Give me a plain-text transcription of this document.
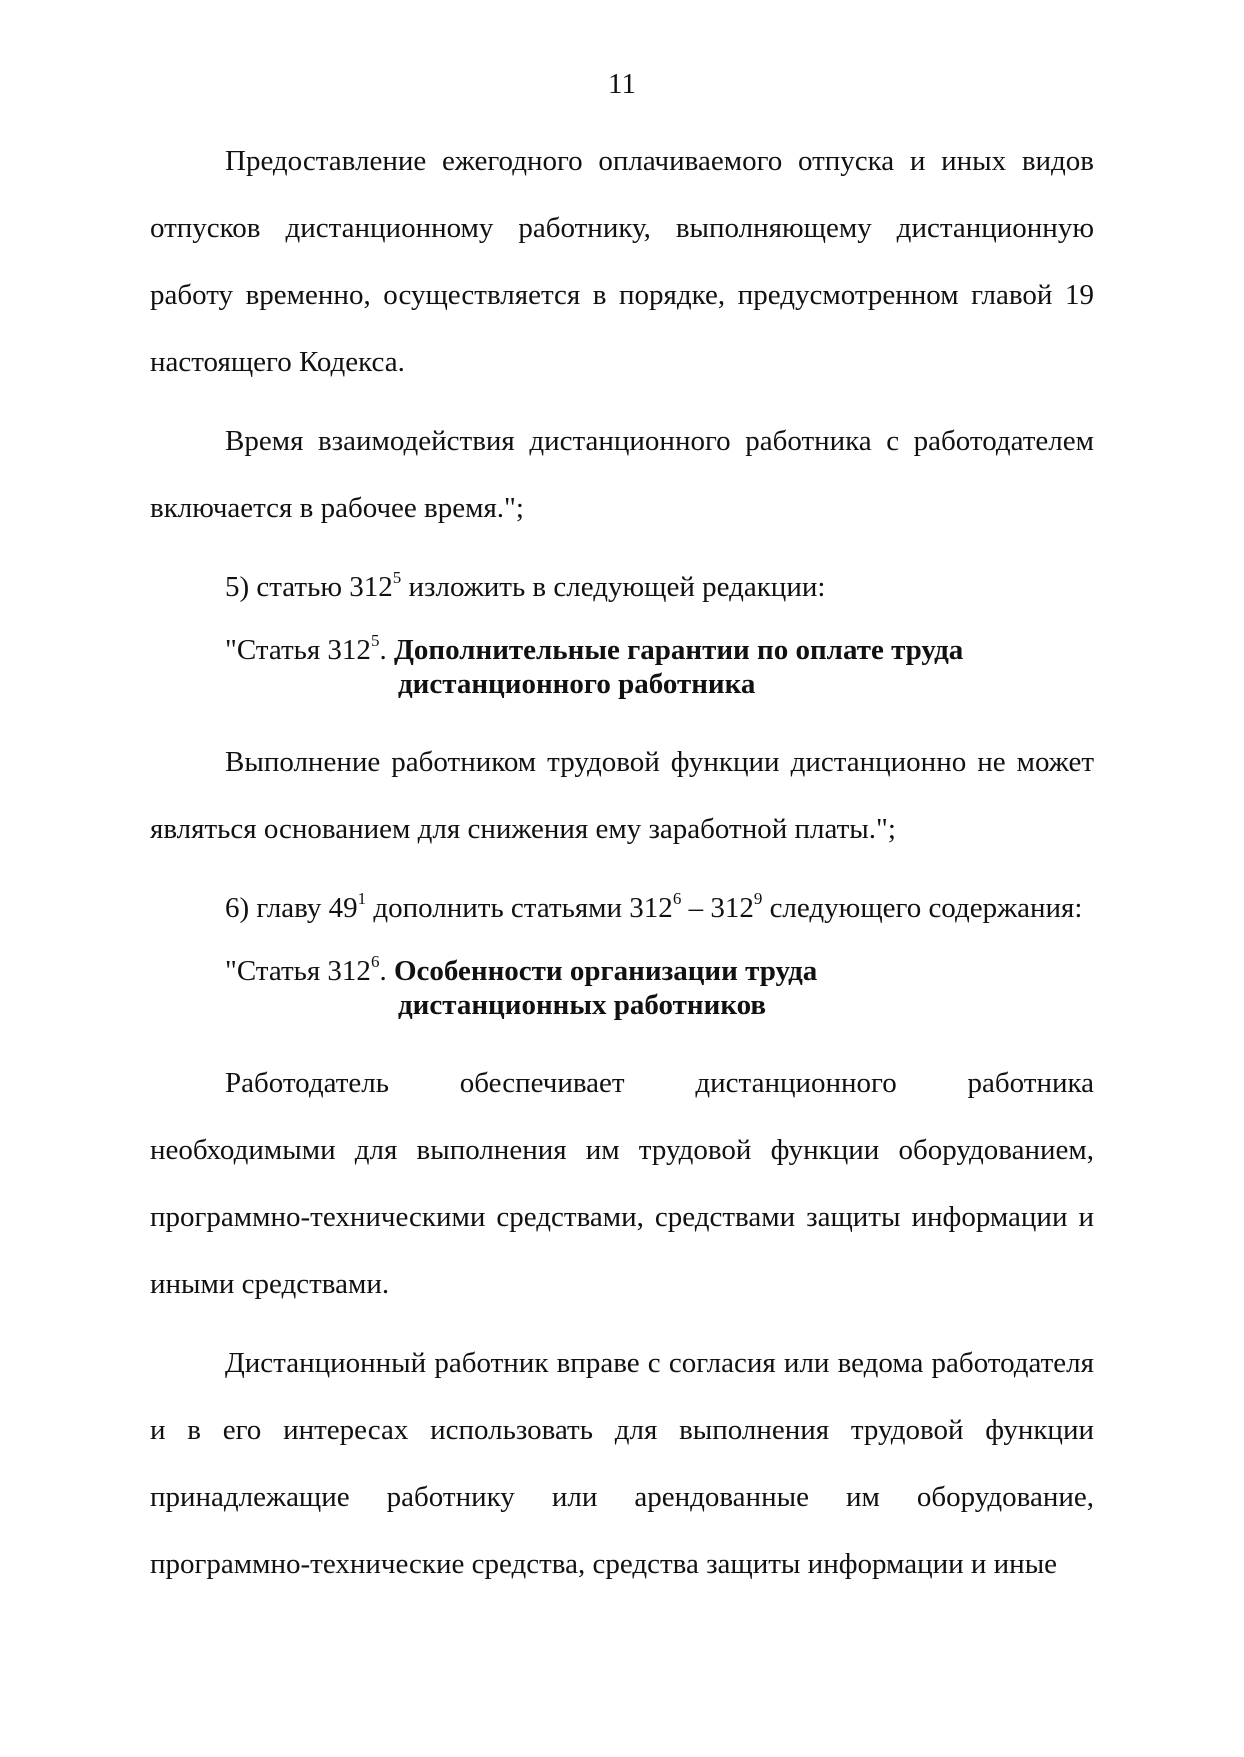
11

Предоставление ежегодного оплачиваемого отпуска и иных видов отпусков дистанционному работнику, выполняющему дистанционную работу временно, осуществляется в порядке, предусмотренном главой 19 настоящего Кодекса.

Время взаимодействия дистанционного работника с работодателем включается в рабочее время.";

5) статью $312^5$ изложить в следующей редакции:

"Статья $312^5$. Дополнительные гарантии по оплате труда
дистанционного работника

Выполнение работником трудовой функции дистанционно не может являться основанием для снижения ему заработной платы.";

6) главу $49^1$ дополнить статьями $312^6 - 312^9$ следующего содержания:

"Статья $312^6$. Особенности организации труда
дистанционных работников

Работодатель обеспечивает дистанционного работника необходимыми для выполнения им трудовой функции оборудованием, программно-техническими средствами, средствами защиты информации и иными средствами.

Дистанционный работник вправе с согласия или ведома работодателя и в его интересах использовать для выполнения трудовой функции принадлежащие работнику или арендованные им оборудование, программно-технические средства, средства защиты информации и иные
